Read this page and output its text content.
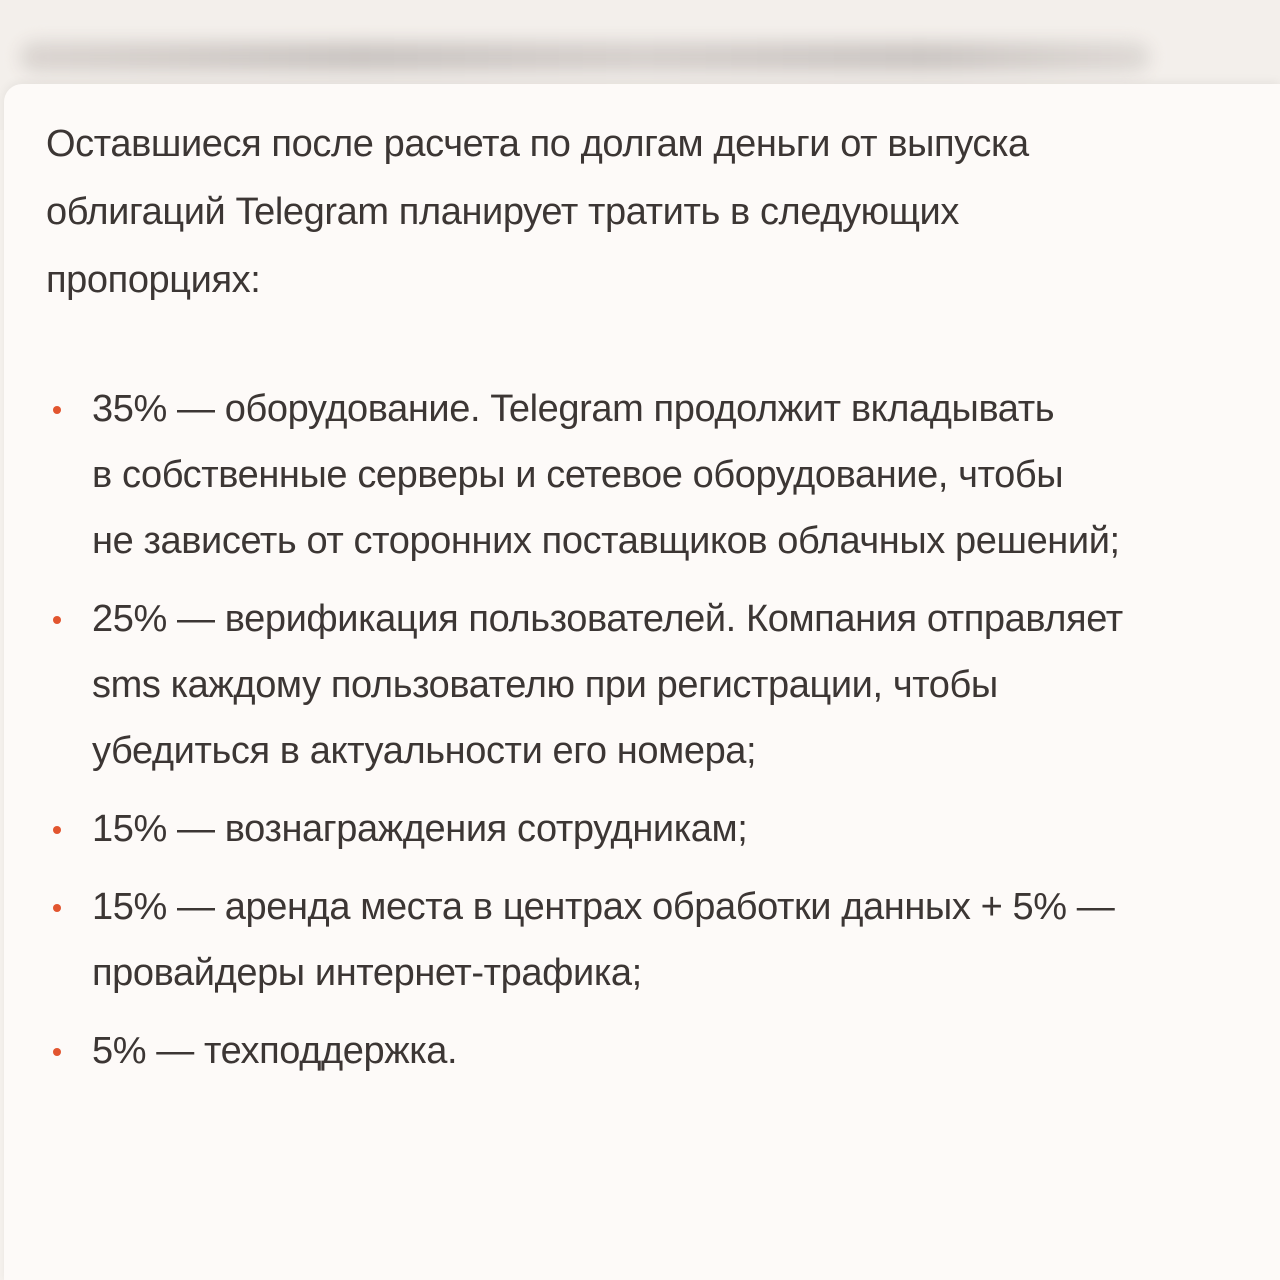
Оставшиеся после расчета по долгам деньги от выпуска
облигаций Telegram планирует тратить в следующих
пропорциях:

35% — оборудование. Telegram продолжит вкладывать
в собственные серверы и сетевое оборудование, чтобы
не зависеть от сторонних поставщиков облачных решений;
25% — верификация пользователей. Компания отправляет
sms каждому пользователю при регистрации, чтобы
убедиться в актуальности его номера;
15% — вознаграждения сотрудникам;
15% — аренда места в центрах обработки данных + 5% —
провайдеры интернет-трафика;
5% — техподдержка.
